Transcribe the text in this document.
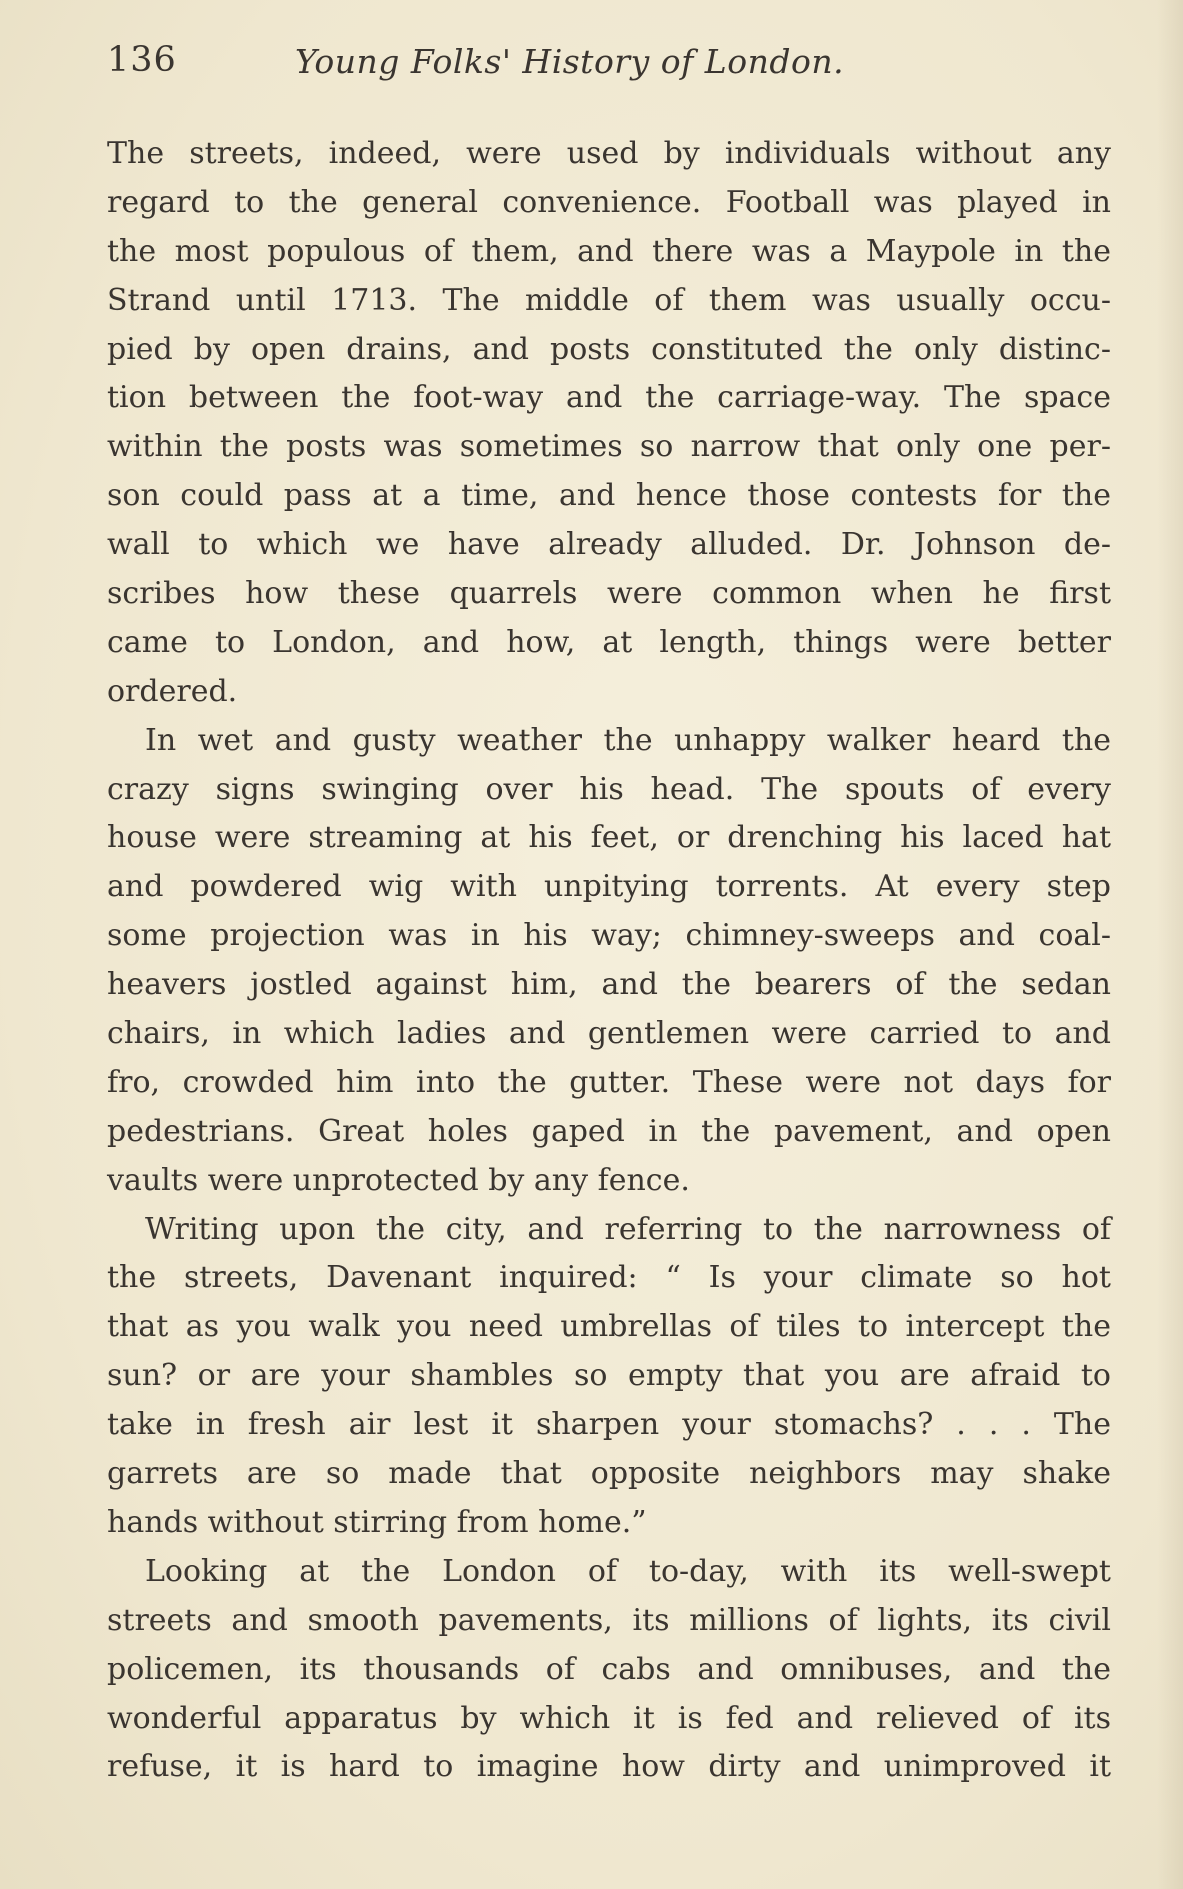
136	Young Folks' History of London.
The streets, indeed, were used by individuals without any
regard to the general convenience. Football was played in
the most populous of them, and there was a Maypole in the
Strand until 1713. The middle of them was usually occu-
pied by open drains, and posts constituted the only distinc-
tion between the foot-way and the carriage-way. The space
within the posts was sometimes so narrow that only one per-
son could pass at a time, and hence those contests for the
wall to which we have already alluded. Dr. Johnson de-
scribes how these quarrels were common when he first
came to London, and how, at length, things were better
ordered.
In wet and gusty weather the unhappy walker heard the
crazy signs swinging over his head. The spouts of every
house were streaming at his feet, or drenching his laced hat
and powdered wig with unpitying torrents. At every step
some projection was in his way; chimney-sweeps and coal-
heavers jostled against him, and the bearers of the sedan
chairs, in which ladies and gentlemen were carried to and
fro, crowded him into the gutter. These were not days for
pedestrians. Great holes gaped in the pavement, and open
vaults were unprotected by any fence.
Writing upon the city, and referring to the narrowness of
the streets, Davenant inquired: “ Is your climate so hot
that as you walk you need umbrellas of tiles to intercept the
sun? or are your shambles so empty that you are afraid to
take in fresh air lest it sharpen your stomachs? . . . The
garrets are so made that opposite neighbors may shake
hands without stirring from home.”
Looking at the London of to-day, with its well-swept
streets and smooth pavements, its millions of lights, its civil
policemen, its thousands of cabs and omnibuses, and the
wonderful apparatus by which it is fed and relieved of its
refuse, it is hard to imagine how dirty and unimproved it
